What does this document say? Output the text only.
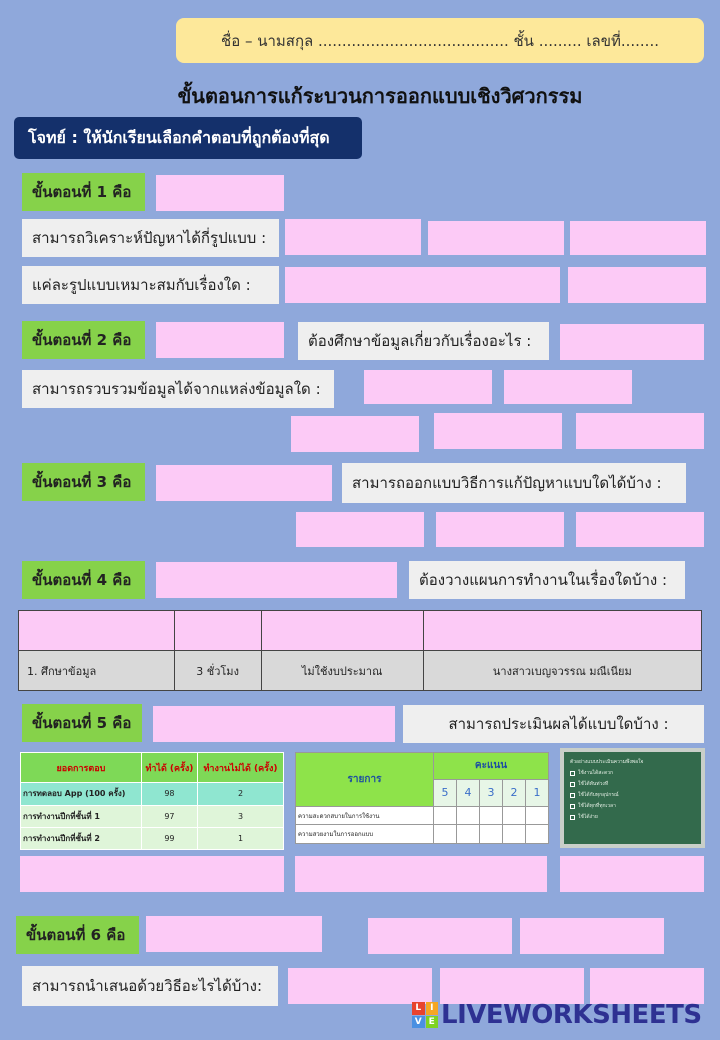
ชื่อ – นามสกุล ........................................ ชั้น ......... เลขที่........
ขั้นตอนการแก้ระบวนการออกแบบเชิงวิศวกรรม
โจทย์ : ให้นักเรียนเลือกคำตอบที่ถูกต้องที่สุด
ขั้นตอนที่ 1 คือ
สามารถวิเคราะห์ปัญหาได้กี่รูปแบบ :
แค่ละรูปแบบเหมาะสมกับเรื่องใด :
ขั้นตอนที่ 2 คือ	ต้องศึกษาข้อมูลเกี่ยวกับเรื่องอะไร :
สามารถรวบรวมข้อมูลได้จากแหล่งข้อมูลใด :
ขั้นตอนที่ 3 คือ	สามารถออกแบบวิธีการแก้ปัญหาแบบใดได้บ้าง :
ขั้นตอนที่ 4 คือ	ต้องวางแผนการทำงานในเรื่องใดบ้าง :

1. ศึกษาข้อมูล	3 ชั่วโมง	ไม่ใช้งบประมาณ	นางสาวเบญจวรรณ มณีเนียม
ขั้นตอนที่ 5 คือ	สามารถประเมินผลได้แบบใดบ้าง :
ยอดการตอบ	ทำได้ (ครั้ง)	ทำงานไม่ได้ (ครั้ง)
การทดลอบ App (100 ครั้ง)	98	2
การทำงานปีกที่ชั้นที่ 1	97	3
การทำงานปีกที่ชั้นที่ 2	99	1
รายการ	คะแนน				
	5	4	3	2	1
ความสะดวกสบายในการใช้งาน					
ความสวยงามในการออกแบบ					
ตัวอย่างแบบประเมินความพึงพอใจ
ใช้งานได้สะดวก
ใช้ได้ทันท่วงที
ใช้ได้กับทุกอุปกรณ์
ใช้ได้ทุกที่ทุกเวลา
ใช้ได้ง่าย
ขั้นตอนที่ 6 คือ
สามารถนำเสนอด้วยวิธีอะไรได้บ้าง:
L I
V E LIVEWORKSHEETS
